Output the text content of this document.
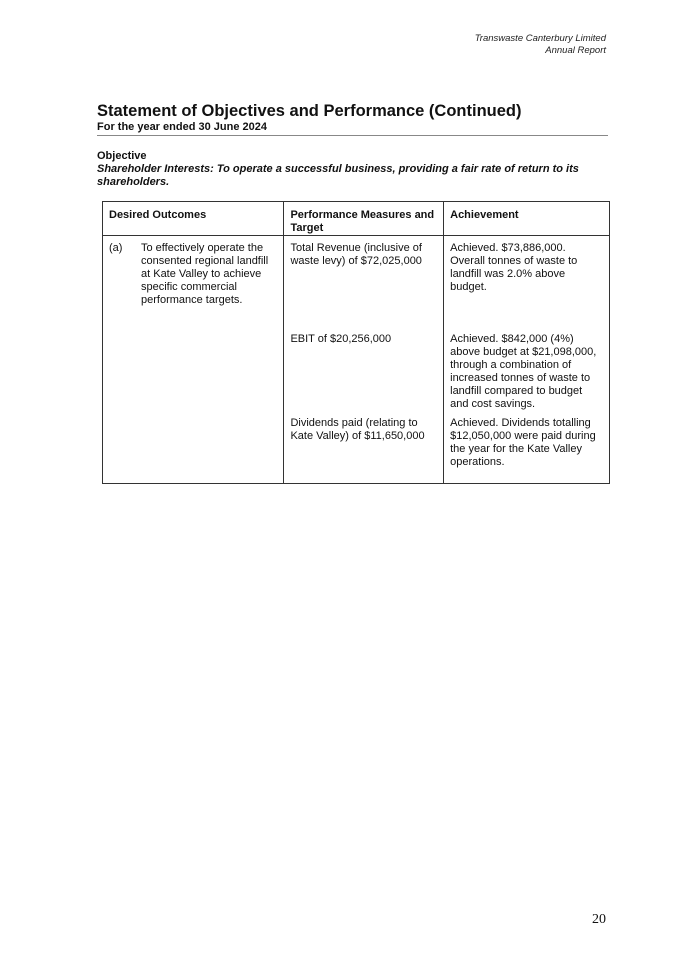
Transwaste Canterbury Limited
Annual Report
Statement of Objectives and Performance (Continued)
For the year ended 30 June 2024
Objective
Shareholder Interests: To operate a successful business, providing a fair rate of return to its shareholders.
Desired Outcomes	Performance Measures and Target	Achievement

(a) To effectively operate the consented regional landfill at Kate Valley to achieve specific commercial performance targets.	Total Revenue (inclusive of waste levy) of $72,025,000	Achieved. $73,886,000. Overall tonnes of waste to landfill was 2.0% above budget.
	EBIT of $20,256,000	Achieved. $842,000 (4%) above budget at $21,098,000, through a combination of increased tonnes of waste to landfill compared to budget and cost savings.
	Dividends paid (relating to Kate Valley) of $11,650,000	Achieved. Dividends totalling $12,050,000 were paid during the year for the Kate Valley operations.
20
